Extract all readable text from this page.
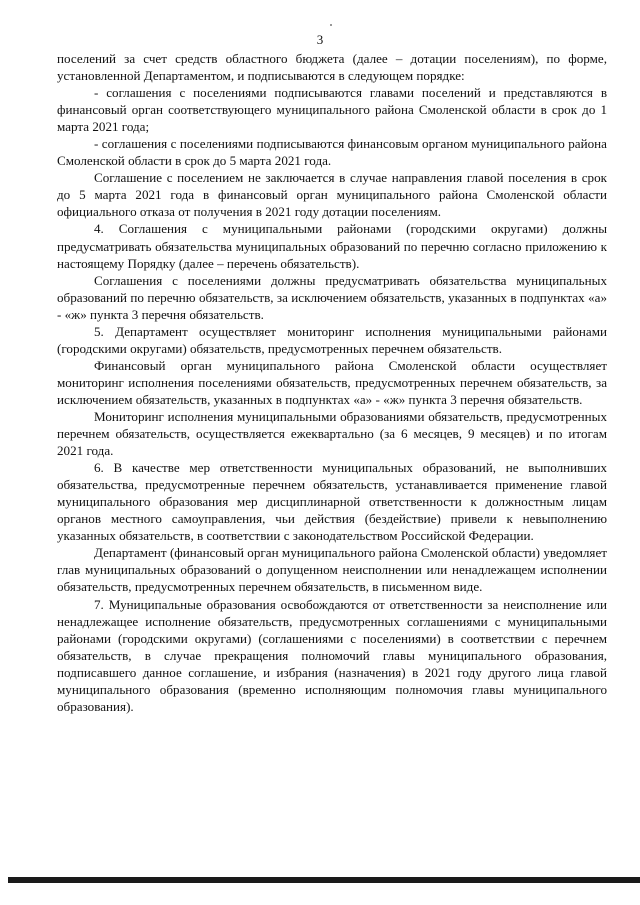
3

поселений за счет средств областного бюджета (далее – дотации поселениям), по форме, установленной Департаментом, и подписываются в следующем порядке:

- соглашения с поселениями подписываются главами поселений и представляются в финансовый орган соответствующего муниципального района Смоленской области в срок до 1 марта 2021 года;

- соглашения с поселениями подписываются финансовым органом муниципального района Смоленской области в срок до 5 марта 2021 года.

Соглашение с поселением не заключается в случае направления главой поселения в срок до 5 марта 2021 года в финансовый орган муниципального района Смоленской области официального отказа от получения в 2021 году дотации поселениям.

4. Соглашения с муниципальными районами (городскими округами) должны предусматривать обязательства муниципальных образований по перечню согласно приложению к настоящему Порядку (далее – перечень обязательств).

Соглашения с поселениями должны предусматривать обязательства муниципальных образований по перечню обязательств, за исключением обязательств, указанных в подпунктах «а» - «ж» пункта 3 перечня обязательств.

5. Департамент осуществляет мониторинг исполнения муниципальными районами (городскими округами) обязательств, предусмотренных перечнем обязательств.

Финансовый орган муниципального района Смоленской области осуществляет мониторинг исполнения поселениями обязательств, предусмотренных перечнем обязательств, за исключением обязательств, указанных в подпунктах «а» - «ж» пункта 3 перечня обязательств.

Мониторинг исполнения муниципальными образованиями обязательств, предусмотренных перечнем обязательств, осуществляется ежеквартально (за 6 месяцев, 9 месяцев) и по итогам 2021 года.

6. В качестве мер ответственности муниципальных образований, не выполнивших обязательства, предусмотренные перечнем обязательств, устанавливается применение главой муниципального образования мер дисциплинарной ответственности к должностным лицам органов местного самоуправления, чьи действия (бездействие) привели к невыполнению указанных обязательств, в соответствии с законодательством Российской Федерации.

Департамент (финансовый орган муниципального района Смоленской области) уведомляет глав муниципальных образований о допущенном неисполнении или ненадлежащем исполнении обязательств, предусмотренных перечнем обязательств, в письменном виде.

7. Муниципальные образования освобождаются от ответственности за неисполнение или ненадлежащее исполнение обязательств, предусмотренных соглашениями с муниципальными районами (городскими округами) (соглашениями с поселениями) в соответствии с перечнем обязательств, в случае прекращения полномочий главы муниципального образования, подписавшего данное соглашение, и избрания (назначения) в 2021 году другого лица главой муниципального образования (временно исполняющим полномочия главы муниципального образования).
